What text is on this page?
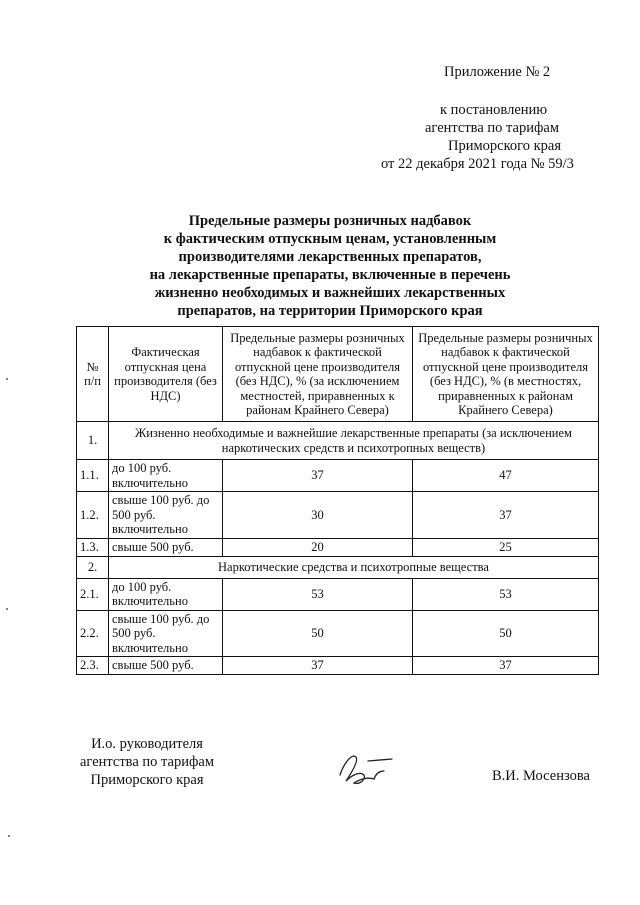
Приложение № 2
к постановлению
агентства по тарифам
Приморского края
от 22 декабря 2021 года № 59/3
Предельные размеры розничных надбавок
к фактическим отпускным ценам, установленным
производителями лекарственных препаратов,
на лекарственные препараты, включенные в перечень
жизненно необходимых и важнейших лекарственных
препаратов, на территории Приморского края
№ п/п	Фактическая отпускная цена производителя (без НДС)	Предельные размеры розничных надбавок к фактической отпускной цене производителя (без НДС), % (за исключением местностей, приравненных к районам Крайнего Севера)	Предельные размеры розничных надбавок к фактической отпускной цене производителя (без НДС), % (в местностях, приравненных к районам Крайнего Севера)
1.	Жизненно необходимые и важнейшие лекарственные препараты (за исключением наркотических средств и психотропных веществ)		
1.1.	до 100 руб. включительно	37	47
1.2.	свыше 100 руб. до 500 руб. включительно	30	37
1.3.	свыше 500 руб.	20	25
2.	Наркотические средства и психотропные вещества		
2.1.	до 100 руб. включительно	53	53
2.2.	свыше 100 руб. до 500 руб. включительно	50	50
2.3.	свыше 500 руб.	37	37
И.о. руководителя
агентства по тарифам
Приморского края	В.И. Мосензова
